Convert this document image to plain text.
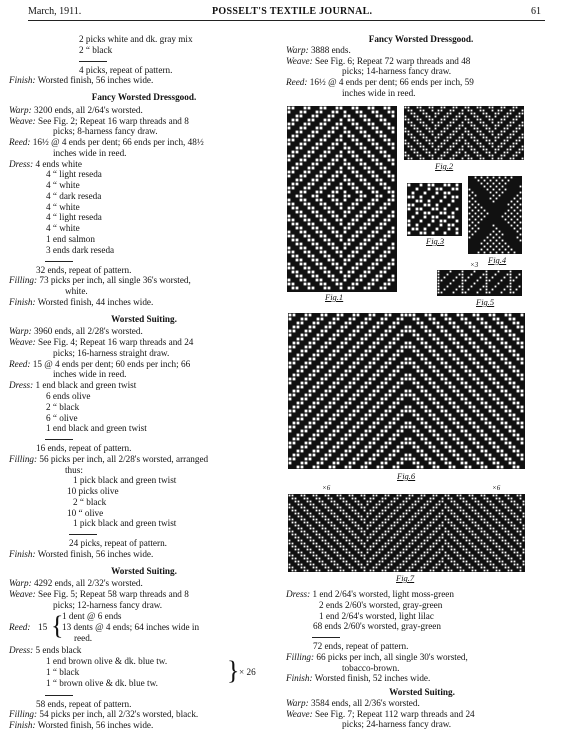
March, 1911.	POSSELT'S TEXTILE JOURNAL.	61
2 picks white and dk. gray mix
2 “ black
4 picks, repeat of pattern.
Finish: Worsted finish, 56 inches wide.
Fancy Worsted Dressgood.
Warp: 3200 ends, all 2/64's worsted.
Weave: See Fig. 2; Repeat 16 warp threads and 8
picks; 8-harness fancy draw.
Reed: 16½ @ 4 ends per dent; 66 ends per inch, 48½
inches wide in reed.
Dress: 4 ends white
4 “ light reseda
4 “ white
4 “ dark reseda
4 “ white
4 “ light reseda
4 “ white
1 end salmon
3 ends dark reseda
32 ends, repeat of pattern.
Filling: 73 picks per inch, all single 36's worsted,
white.
Finish: Worsted finish, 44 inches wide.
Worsted Suiting.
Warp: 3960 ends, all 2/28's worsted.
Weave: See Fig. 4; Repeat 16 warp threads and 24
picks; 16-harness straight draw.
Reed: 15 @ 4 ends per dent; 60 ends per inch; 66
inches wide in reed.
Dress: 1 end black and green twist
6 ends olive
2 “ black
6 “ olive
1 end black and green twist
16 ends, repeat of pattern.
Filling: 56 picks per inch, all 2/28's worsted, arranged
thus:
1 pick black and green twist
10 picks olive
2 “ black
10 “ olive
1 pick black and green twist
24 picks, repeat of pattern.
Finish: Worsted finish, 56 inches wide.
Worsted Suiting.
Warp: 4292 ends, all 2/32's worsted.
Weave: See Fig. 5; Repeat 58 warp threads and 8
picks; 12-harness fancy draw.
Reed: 15 {
1 dent @ 6 ends
13 dents @ 4 ends; 64 inches wide in
reed.
Dress: 5 ends black
1 end brown olive & dk. blue tw.
1 “ black
1 “ brown olive & dk. blue tw.	} × 26
58 ends, repeat of pattern.
Filling: 54 picks per inch, all 2/32's worsted, black.
Finish: Worsted finish, 56 inches wide.
Fancy Worsted Dressgood.
Warp: 3888 ends.
Weave: See Fig. 6; Repeat 72 warp threads and 48
picks; 14-harness fancy draw.
Reed: 16½ @ 4 ends per dent; 66 ends per inch, 59
inches wide in reed.
Fig.1
Fig.2
Fig.3
Fig.4
×3
Fig.5
Fig.6
×6	×6
Fig.7
Dress: 1 end 2/64's worsted, light moss-green
2 ends 2/60's worsted, gray-green
1 end 2/64's worsted, light lilac
68 ends 2/60's worsted, gray-green
72 ends, repeat of pattern.
Filling: 66 picks per inch, all single 30's worsted,
tobacco-brown.
Finish: Worsted finish, 52 inches wide.
Worsted Suiting.
Warp: 3584 ends, all 2/36's worsted.
Weave: See Fig. 7; Repeat 112 warp threads and 24
picks; 24-harness fancy draw.
